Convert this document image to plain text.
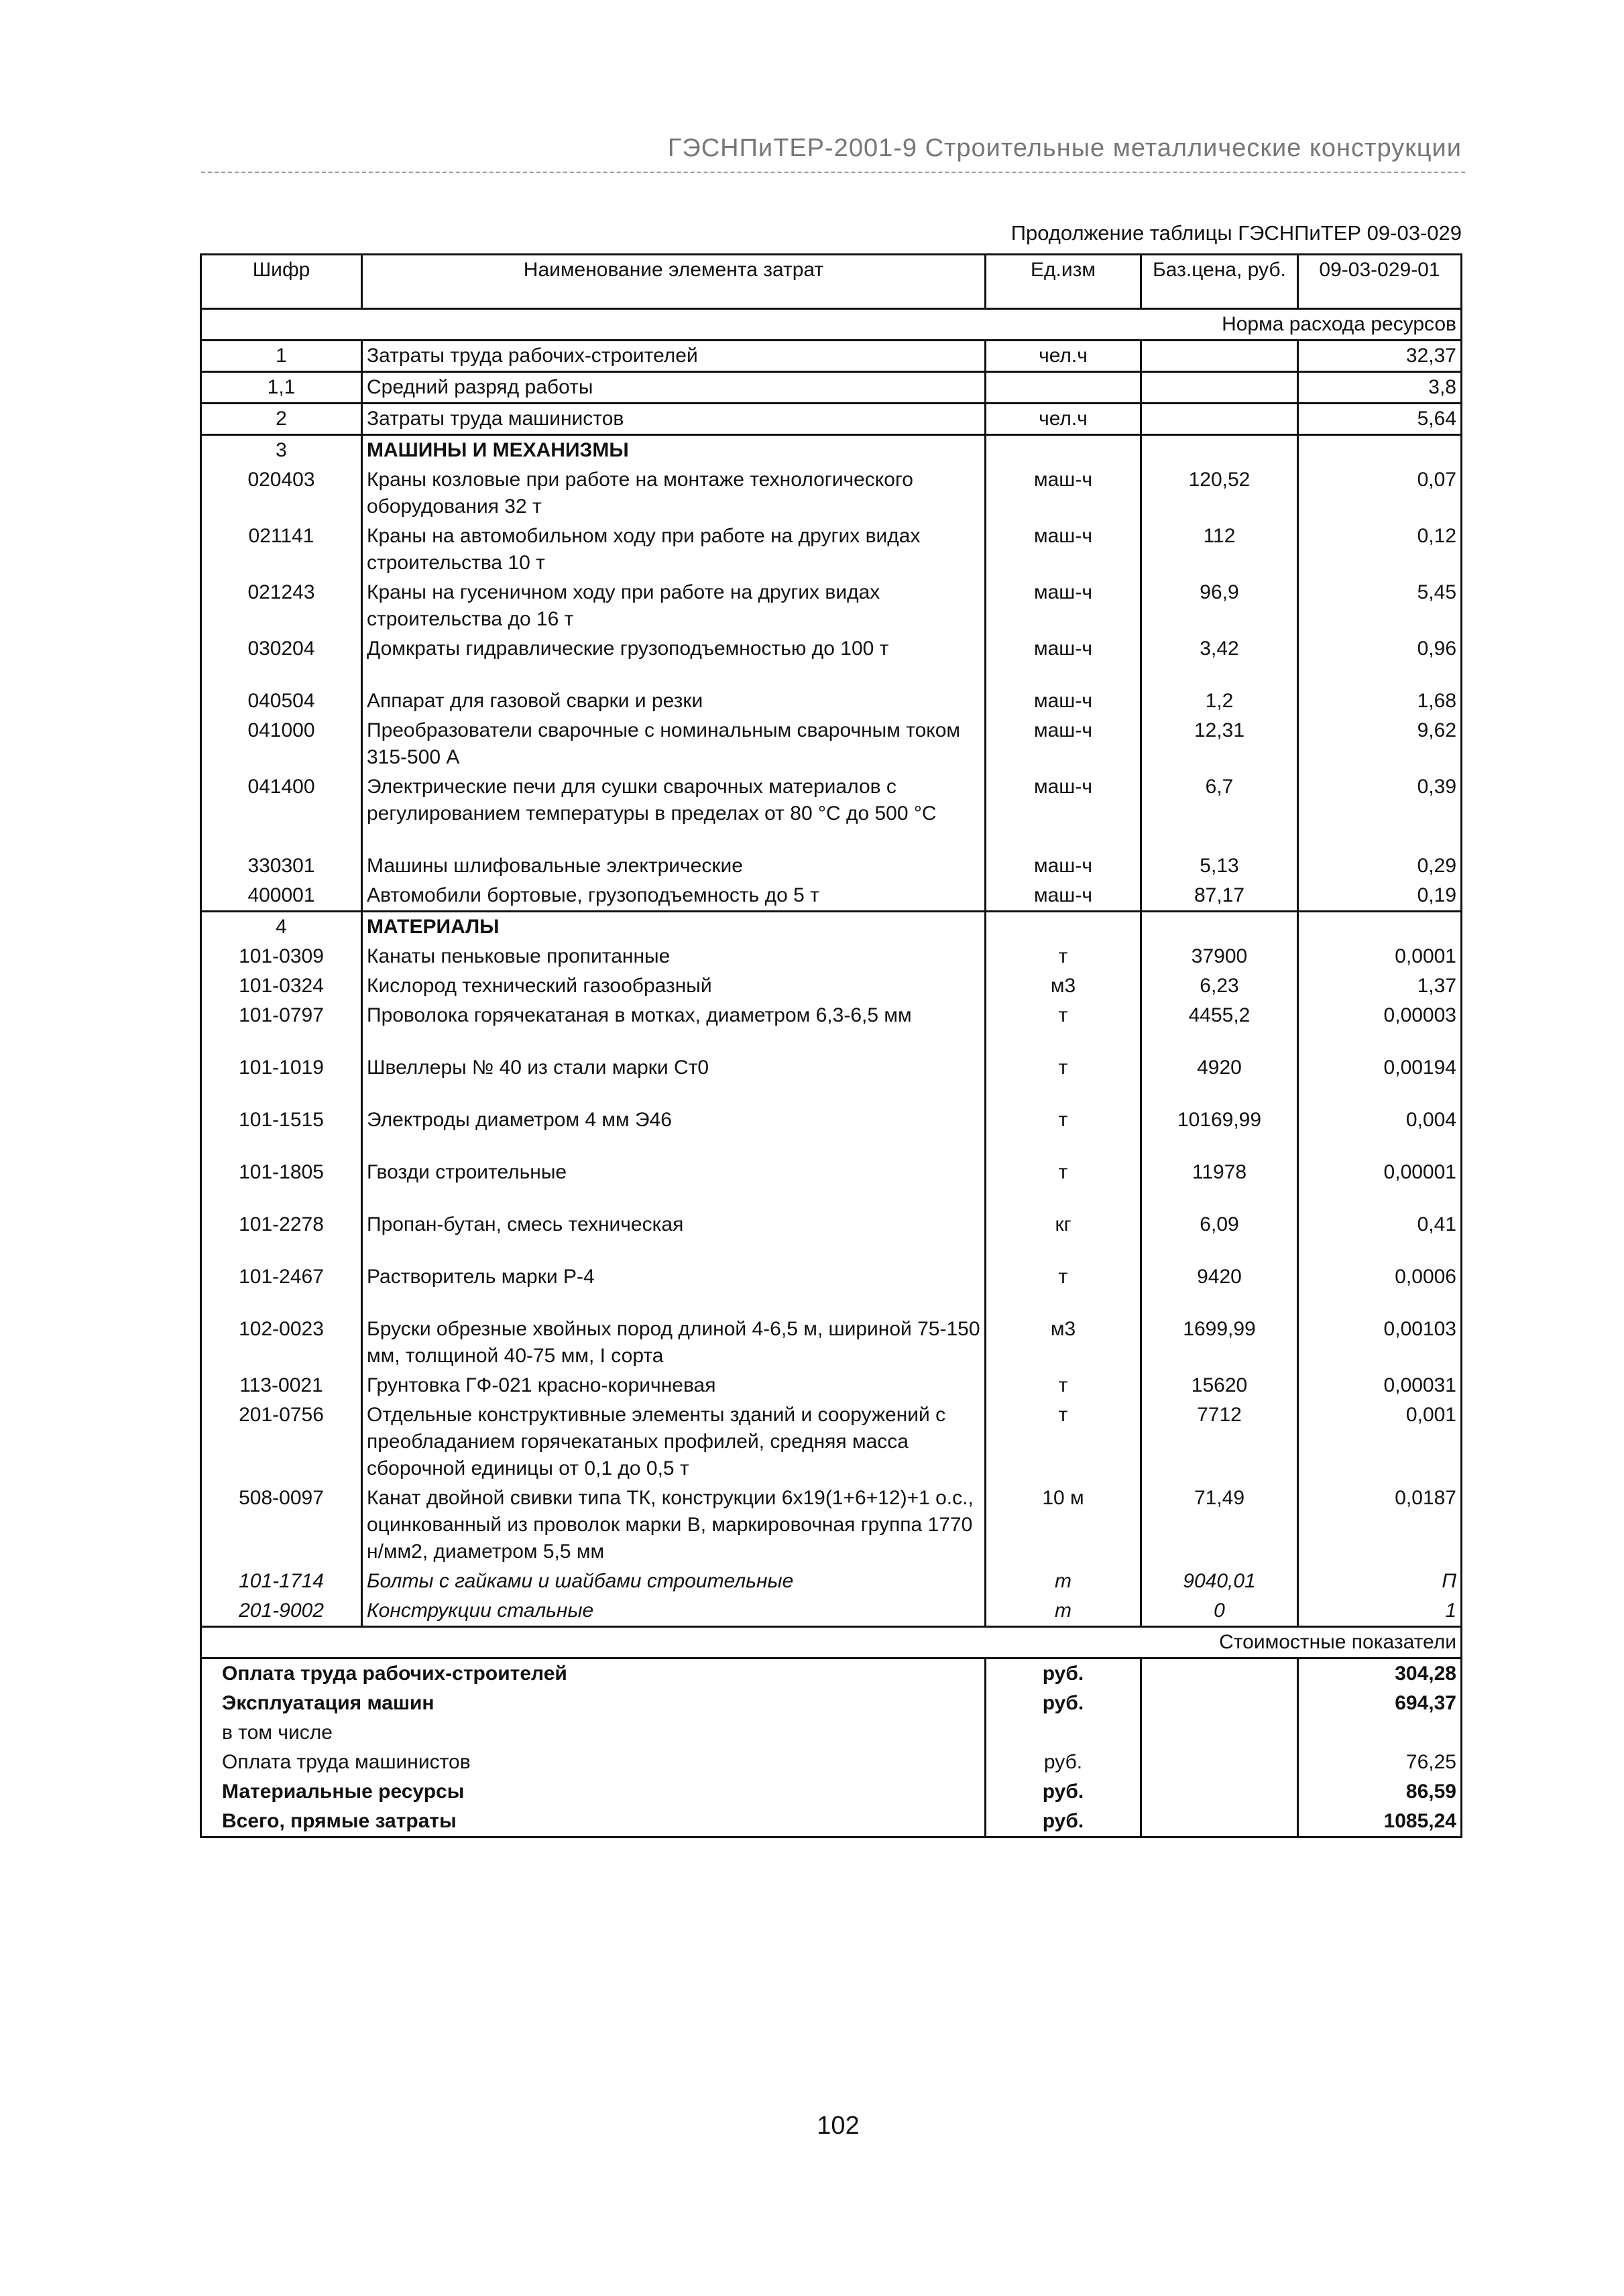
ГЭСНПиТЕР-2001-9 Строительные металлические конструкции
Продолжение таблицы ГЭСНПиТЕР 09-03-029
Шифр	Наименование элемента затрат	Ед.изм	Баз.цена, руб.	09-03-029-01
Норма расхода ресурсов				
1	Затраты труда рабочих-строителей	чел.ч		32,37
1,1	Средний разряд работы			3,8
2	Затраты труда машинистов	чел.ч		5,64
3	МАШИНЫ И МЕХАНИЗМЫ			
020403	Краны козловые при работе на монтаже технологического оборудования 32 т	маш-ч	120,52	0,07
021141	Краны на автомобильном ходу при работе на других видах строительства 10 т	маш-ч	112	0,12
021243	Краны на гусеничном ходу при работе на других видах строительства до 16 т	маш-ч	96,9	5,45
030204	Домкраты гидравлические грузоподъемностью до 100 т	маш-ч	3,42	0,96
040504	Аппарат для газовой сварки и резки	маш-ч	1,2	1,68
041000	Преобразователи сварочные с номинальным сварочным током 315-500 А	маш-ч	12,31	9,62
041400	Электрические печи для сушки сварочных материалов с регулированием температуры в пределах от 80 °С до 500 °С	маш-ч	6,7	0,39
330301	Машины шлифовальные электрические	маш-ч	5,13	0,29
400001	Автомобили бортовые, грузоподъемность до 5 т	маш-ч	87,17	0,19
4	МАТЕРИАЛЫ			
101-0309	Канаты пеньковые пропитанные	т	37900	0,0001
101-0324	Кислород технический газообразный	м3	6,23	1,37
101-0797	Проволока горячекатаная в мотках, диаметром 6,3-6,5 мм	т	4455,2	0,00003
101-1019	Швеллеры № 40 из стали марки Ст0	т	4920	0,00194
101-1515	Электроды диаметром 4 мм Э46	т	10169,99	0,004
101-1805	Гвозди строительные	т	11978	0,00001
101-2278	Пропан-бутан, смесь техническая	кг	6,09	0,41
101-2467	Растворитель марки Р-4	т	9420	0,0006
102-0023	Бруски обрезные хвойных пород длиной 4-6,5 м, шириной 75-150 мм, толщиной 40-75 мм, I сорта	м3	1699,99	0,00103
113-0021	Грунтовка ГФ-021 красно-коричневая	т	15620	0,00031
201-0756	Отдельные конструктивные элементы зданий и сооружений с преобладанием горячекатаных профилей, средняя масса сборочной единицы от 0,1 до 0,5 т	т	7712	0,001
508-0097	Канат двойной свивки типа ТК, конструкции 6х19(1+6+12)+1 о.с., оцинкованный из проволок марки В, маркировочная группа 1770 н/мм2, диаметром 5,5 мм	10 м	71,49	0,0187
101-1714	Болты с гайками и шайбами строительные	т	9040,01	П
201-9002	Конструкции стальные	т	0	1
Стоимостные показатели				
Оплата труда рабочих-строителей		руб.		304,28
Эксплуатация машин		руб.		694,37
в том числе				
Оплата труда машинистов		руб.		76,25
Материальные ресурсы		руб.		86,59
Всего, прямые затраты		руб.		1085,24
102
